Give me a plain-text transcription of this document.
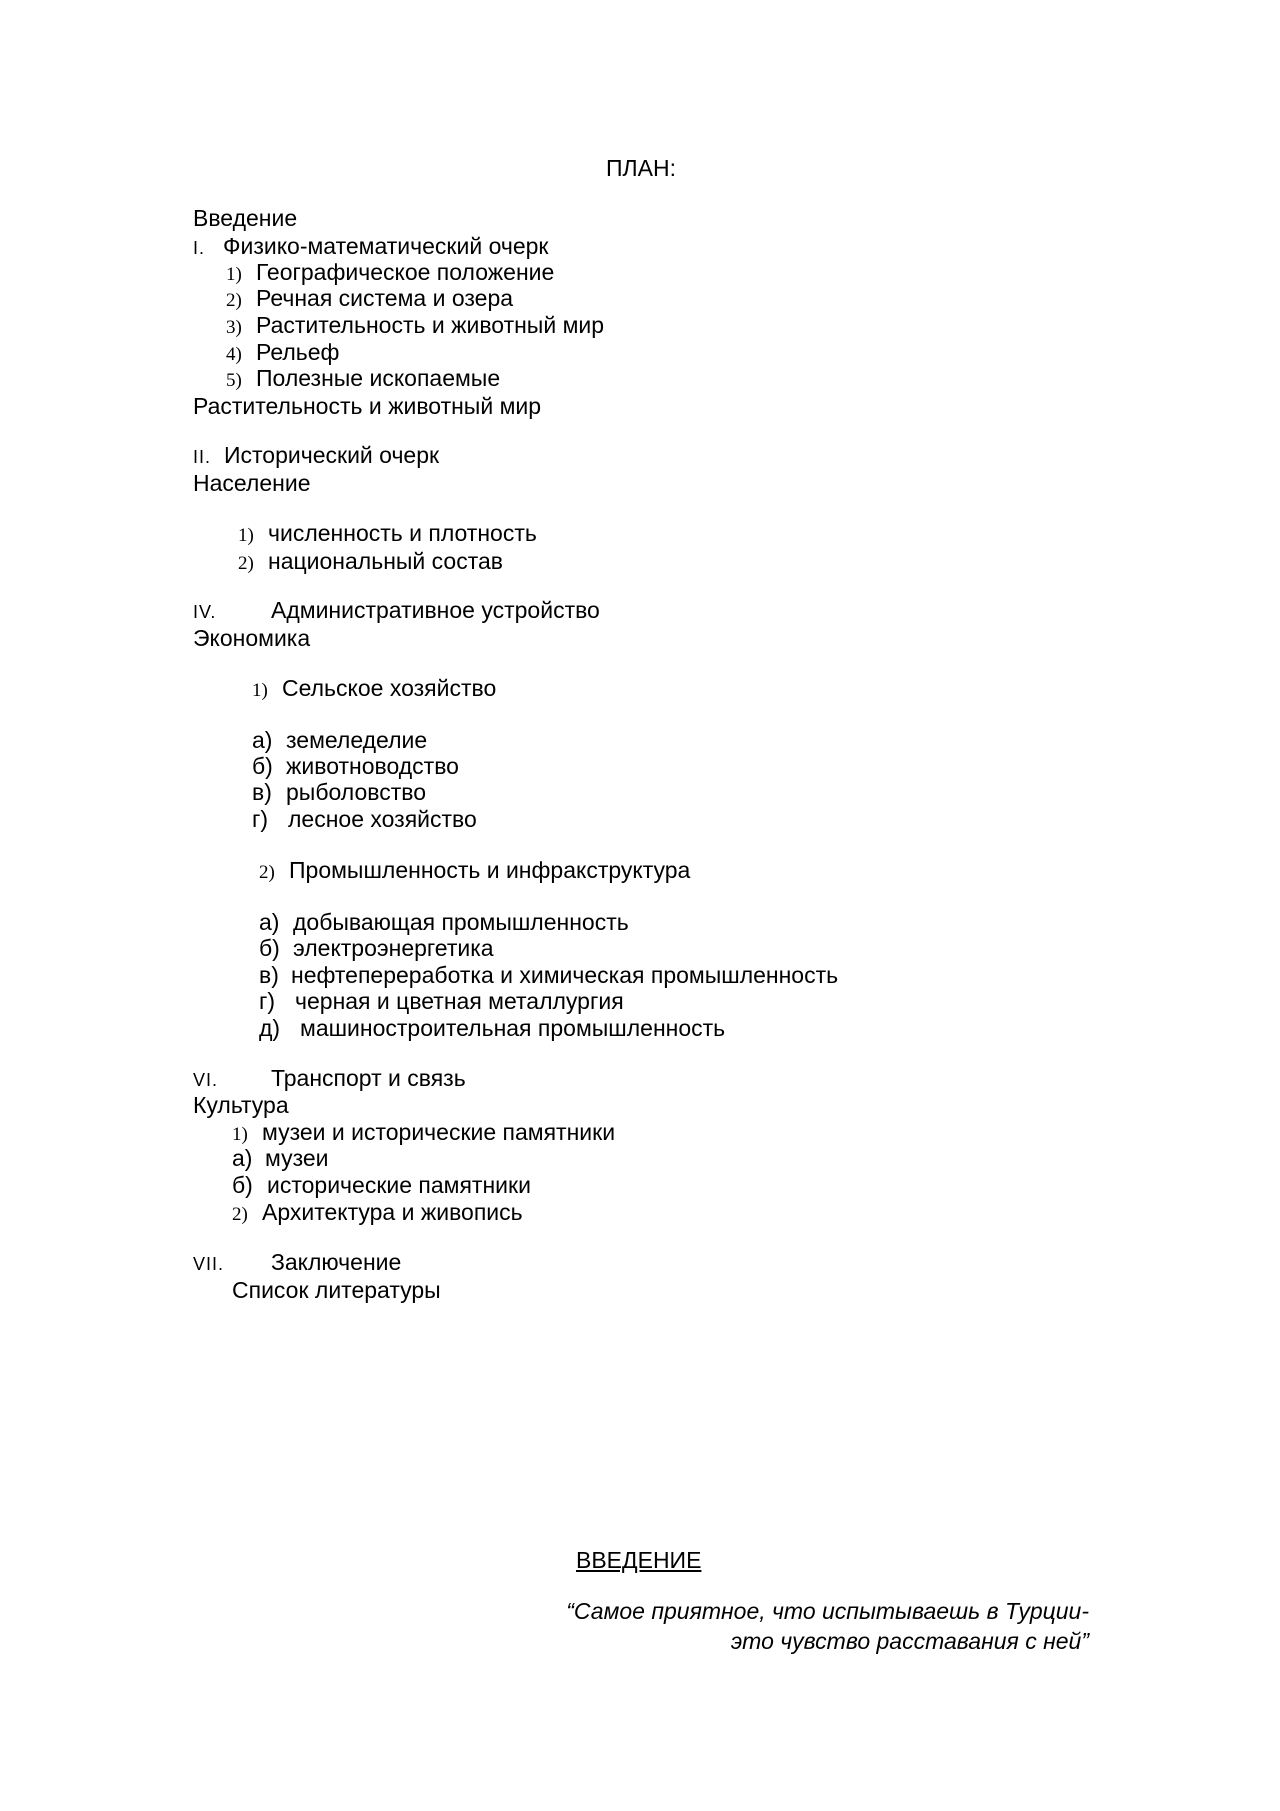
ПЛАН:
Введение
I. Физико-математический очерк
1) Географическое положение
2) Речная система и озера
3) Растительность и животный мир
4) Рельеф
5) Полезные ископаемые
Растительность и животный мир
II. Исторический очерк
Население
1) численность и плотность
2) национальный состав
IV. Административное устройство
Экономика
1) Сельское хозяйство
а) земеледелие
б) животноводство
в) рыболовство
г) лесное хозяйство
2) Промышленность и инфракструктура
а) добывающая промышленность
б) электроэнергетика
в) нефтепереработка и химическая промышленность
г) черная и цветная металлургия
д) машиностроительная промышленность
VI. Транспорт и связь
Культура
1) музеи и исторические памятники
а) музеи
б) исторические памятники
2) Архитектура и живопись
VII. Заключение
Список литературы
ВВЕДЕНИЕ
“Самое приятное, что испытываешь в Турции-
это чувство расставания с ней”
